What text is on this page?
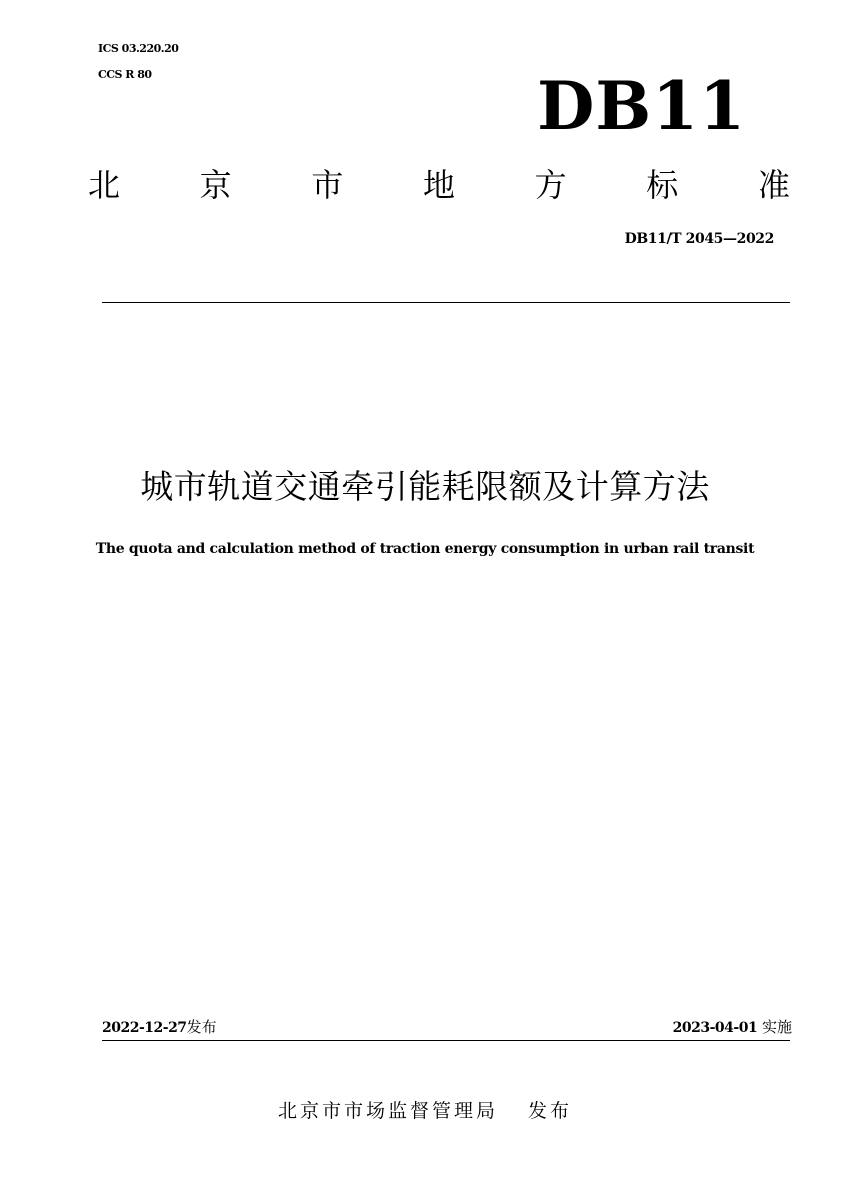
ICS 03.220.20
CCS R 80	DB11
北 京 市 地 方 标 准
DB11/T 2045—2022
城市轨道交通牵引能耗限额及计算方法
The quota and calculation method of traction energy consumption in urban rail transit
2022-12-27发布	2023-04-01 实施
北京市市场监督管理局 发布
